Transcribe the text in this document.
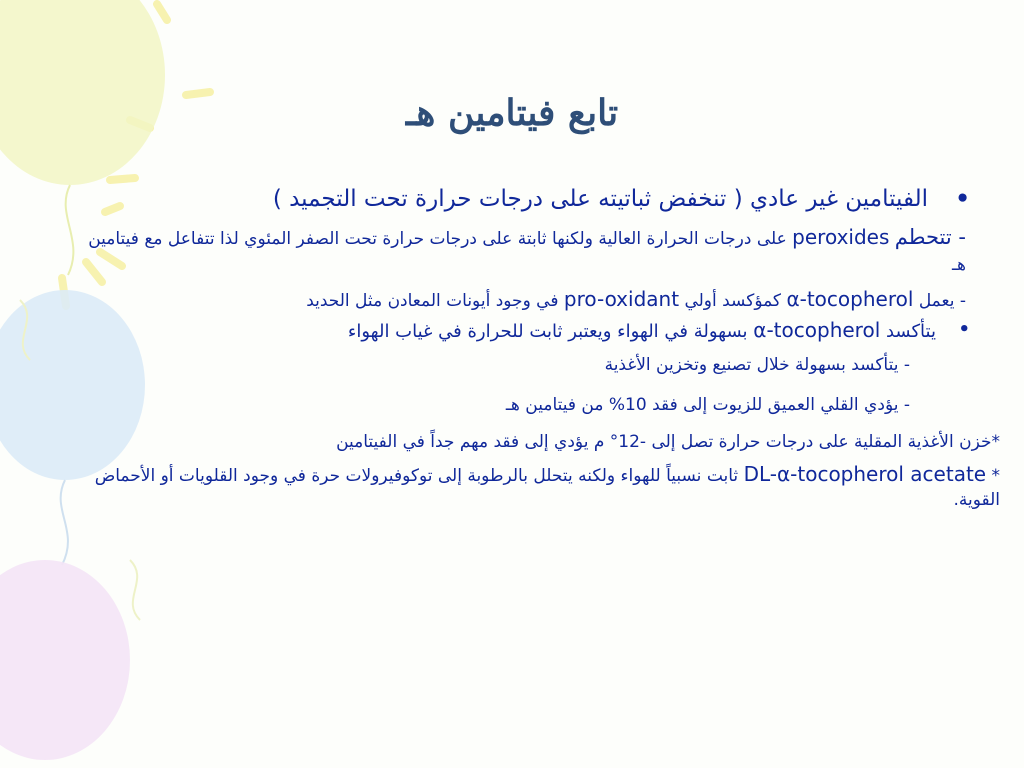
تابع فيتامين هـ

•
الفيتامين غير عادي ( تنخفض ثباتيته على درجات حرارة تحت التجميد )

- تتحطم peroxides على درجات الحرارة العالية ولكنها ثابتة على درجات حرارة تحت الصفر المئوي لذا تتفاعل مع فيتامين هـ

- يعمل α-tocopherol كمؤكسد أولي pro-oxidant في وجود أيونات المعادن مثل الحديد

•
يتأكسد α-tocopherol بسهولة في الهواء ويعتبر ثابت للحرارة في غياب الهواء

- يتأكسد بسهولة خلال تصنيع وتخزين الأغذية

- يؤدي القلي العميق للزيوت إلى فقد 10% من فيتامين هـ

*خزن الأغذية المقلية على درجات حرارة تصل إلى -12° م يؤدي إلى فقد مهم جداً في الفيتامين

* DL-α-tocopherol acetate ثابت نسبياً للهواء ولكنه يتحلل بالرطوبة إلى توكوفيرولات حرة في وجود القلويات أو الأحماض القوية.
